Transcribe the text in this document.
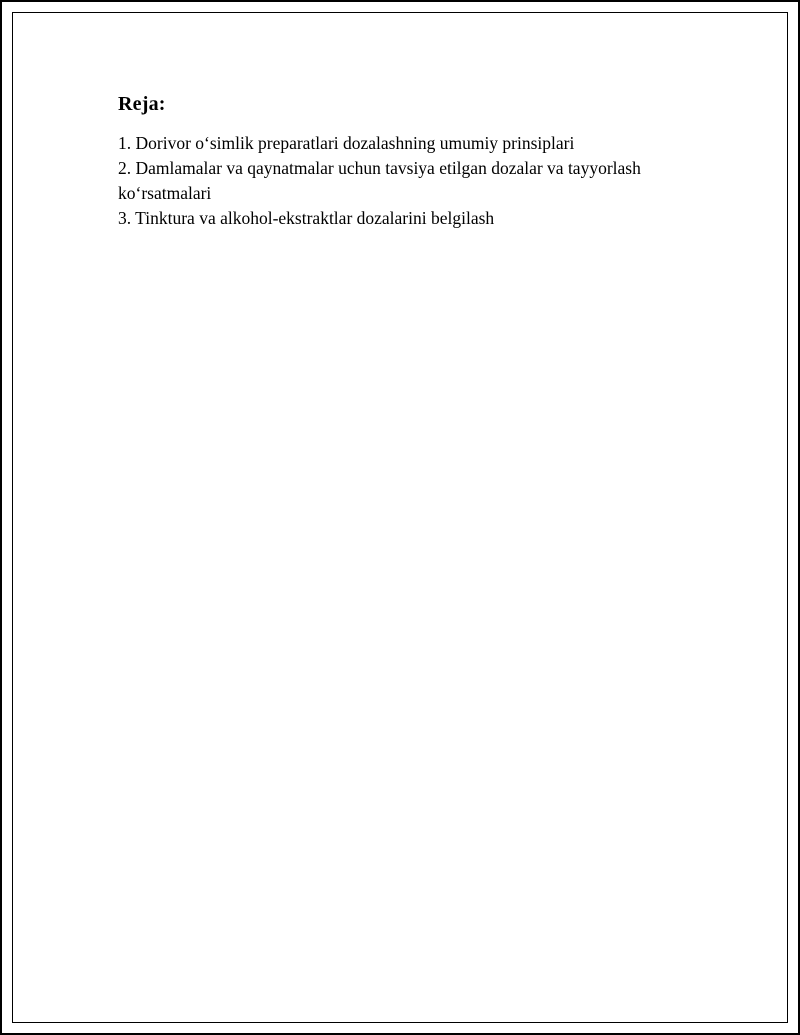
Reja:
1. Dorivor o‘simlik preparatlari dozalashning umumiy prinsiplari
2. Damlamalar va qaynatmalar uchun tavsiya etilgan dozalar va tayyorlash ko‘rsatmalari
3. Tinktura va alkohol-ekstraktlar dozalarini belgilash
